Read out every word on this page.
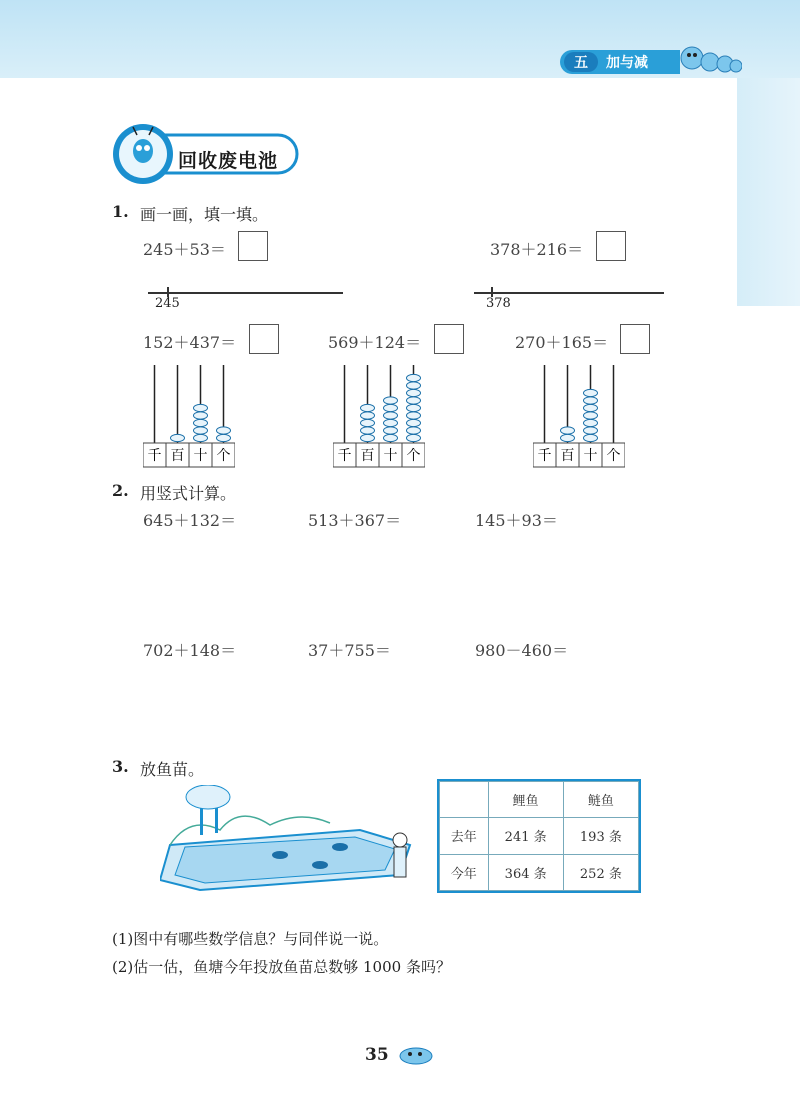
五	加与减
回收废电池
1. 画一画，填一填。
245＋53＝	378＋216＝
245	378
152＋437＝	569＋124＝	270＋165＝
千 百 十 个	千 百 十 个	千 百 十 个
2. 用竖式计算。
645＋132＝	513＋367＝	145＋93＝
702＋148＝	37＋755＝	980－460＝
3. 放鱼苗。
	鲤鱼	鲢鱼
去年	241 条	193 条
今年	364 条	252 条
(1)图中有哪些数学信息？与同伴说一说。
(2)估一估，鱼塘今年投放鱼苗总数够 1000 条吗？
35
